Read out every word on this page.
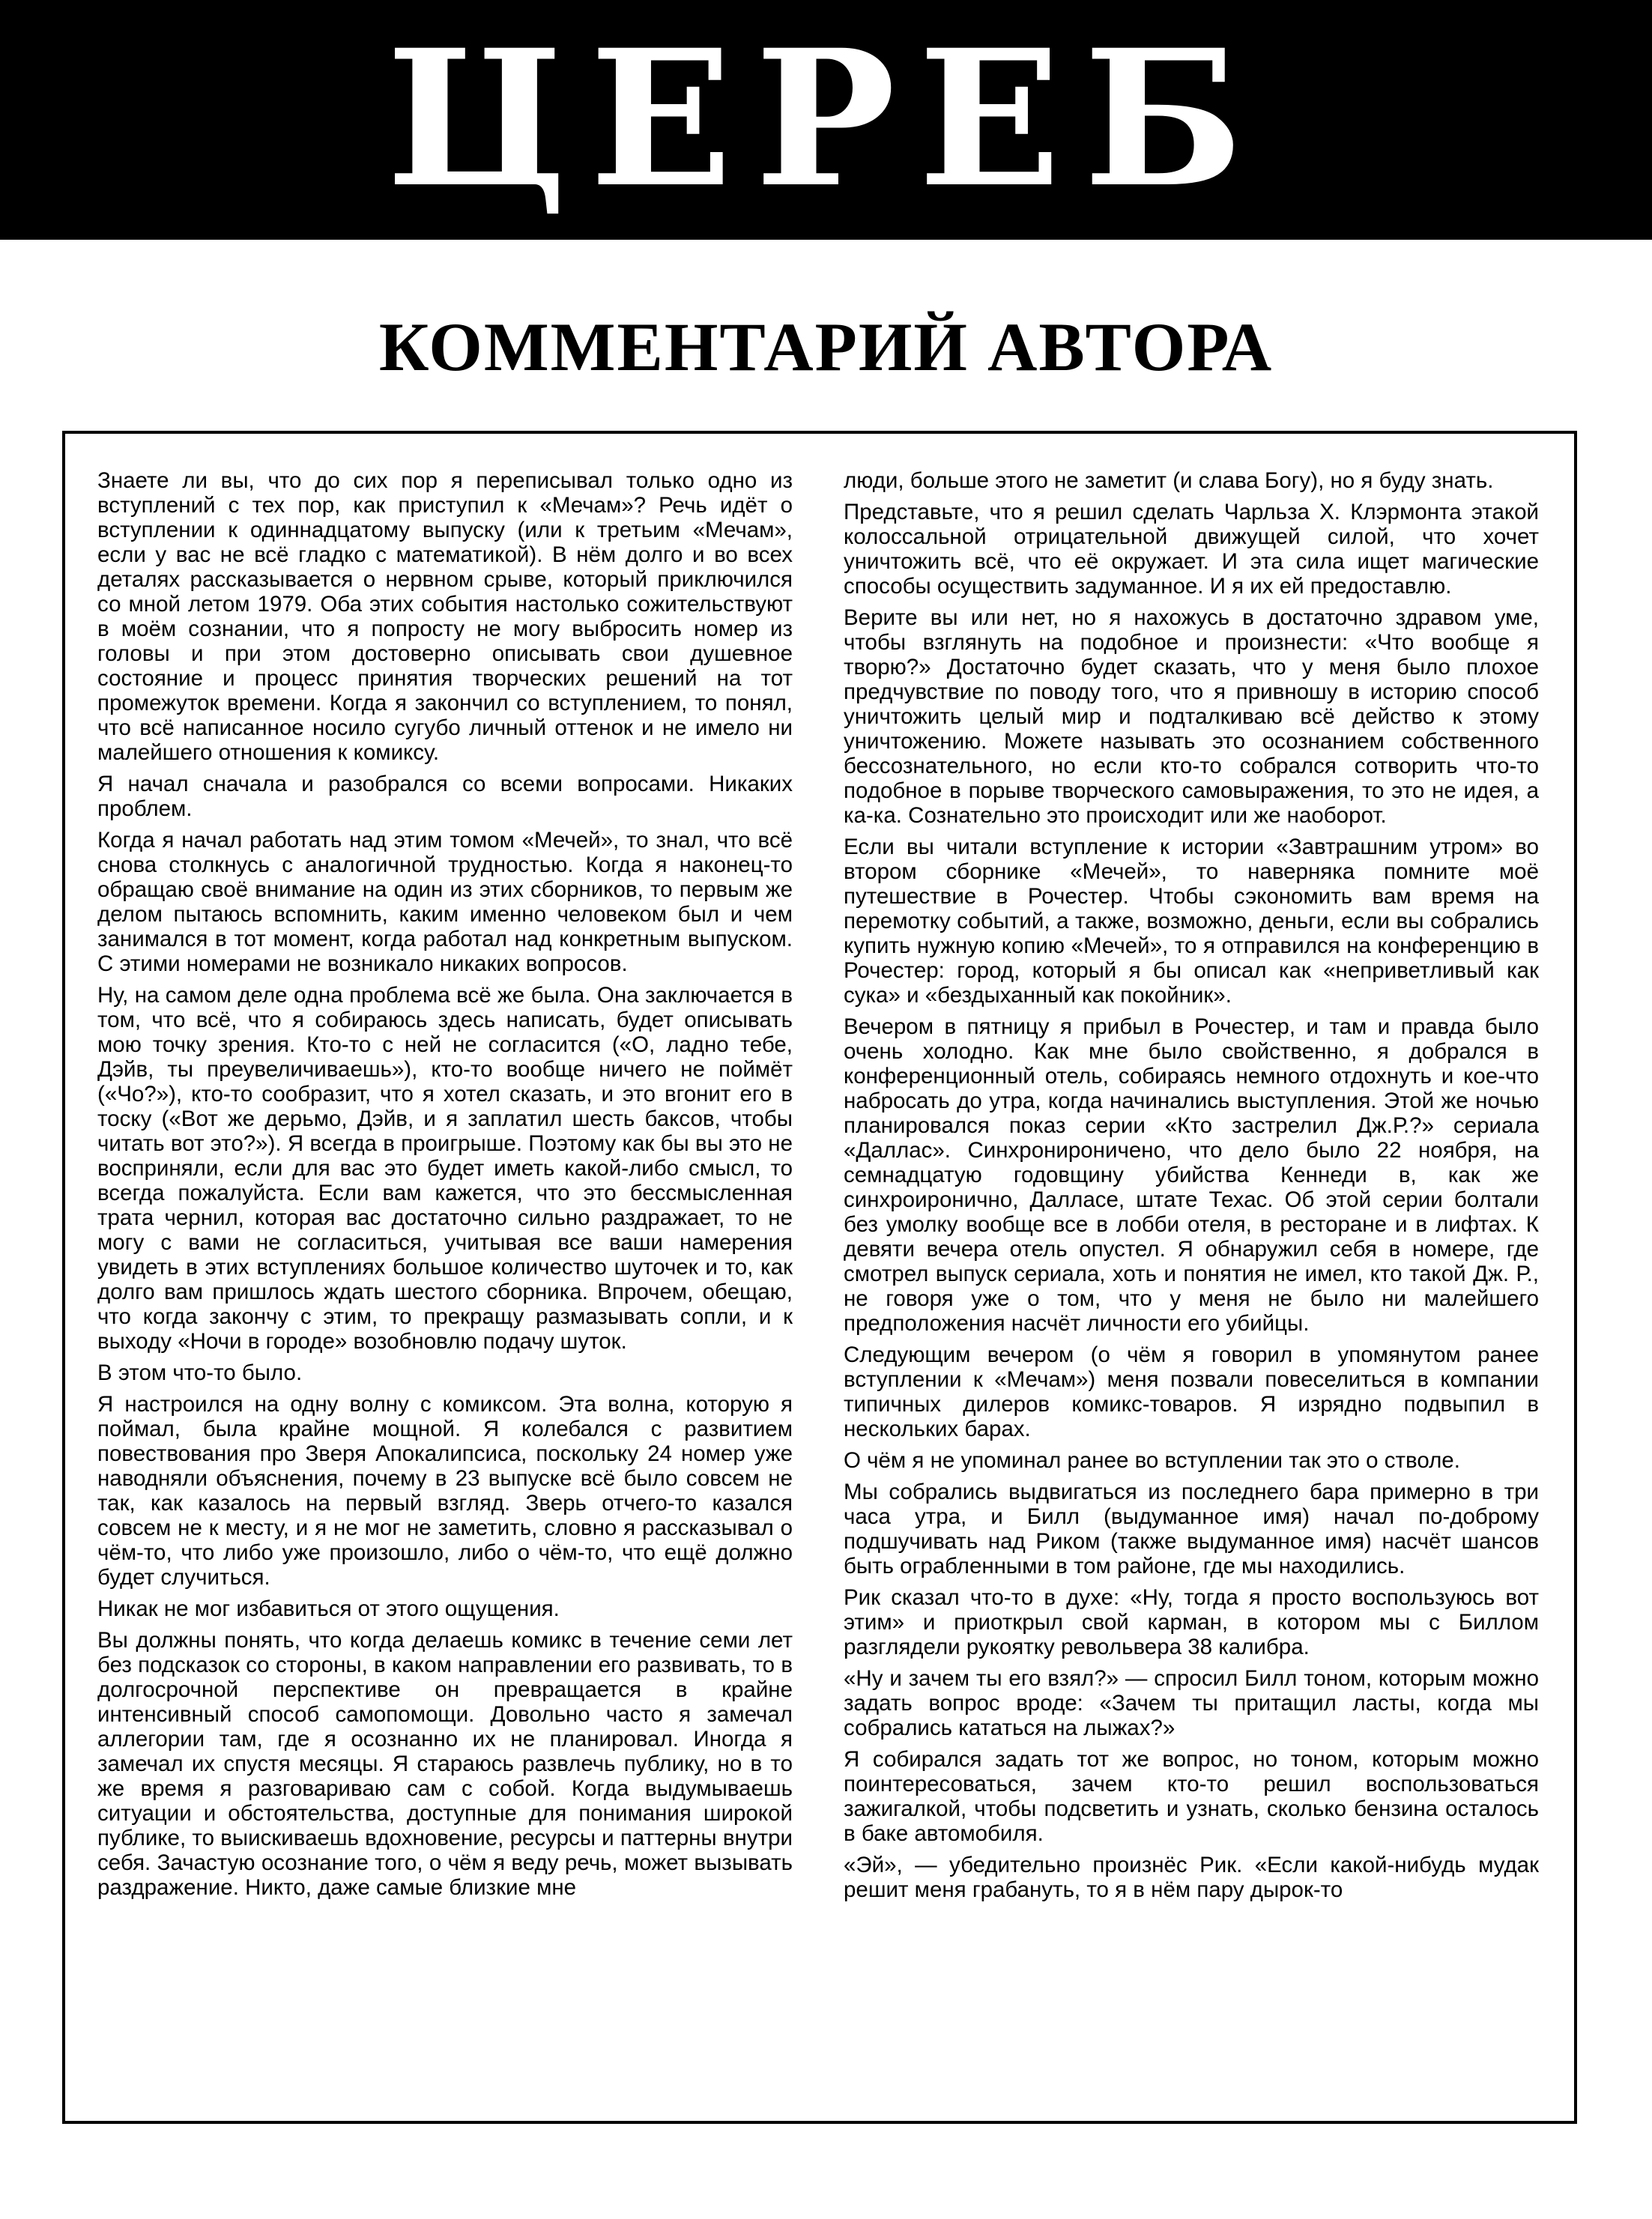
ЦЕРЕБ
КОММЕНТАРИЙ АВТОРА

Знаете ли вы, что до сих пор я переписывал только одно из вступлений с тех пор, как приступил к «Мечам»? Речь идёт о вступлении к одиннадцатому выпуску (или к третьим «Мечам», если у вас не всё гладко с математикой). В нём долго и во всех деталях рассказывается о нервном срыве, который приключился со мной летом 1979. Оба этих события настолько сожительствуют в моём сознании, что я попросту не могу выбросить номер из головы и при этом достоверно описывать свои душевное состояние и процесс принятия творческих решений на тот промежуток времени. Когда я закончил со вступлением, то понял, что всё написанное носило сугубо личный оттенок и не имело ни малейшего отношения к комиксу.

Я начал сначала и разобрался со всеми вопросами. Никаких проблем.

Когда я начал работать над этим томом «Мечей», то знал, что всё снова столкнусь с аналогичной трудностью. Когда я наконец-то обращаю своё внимание на один из этих сборников, то первым же делом пытаюсь вспомнить, каким именно человеком был и чем занимался в тот момент, когда работал над конкретным выпуском. С этими номерами не возникало никаких вопросов.

Ну, на самом деле одна проблема всё же была. Она заключается в том, что всё, что я собираюсь здесь написать, будет описывать мою точку зрения. Кто-то с ней не согласится («О, ладно тебе, Дэйв, ты преувеличиваешь»), кто-то вообще ничего не поймёт («Чо?»), кто-то сообразит, что я хотел сказать, и это вгонит его в тоску («Вот же дерьмо, Дэйв, и я заплатил шесть баксов, чтобы читать вот это?»). Я всегда в проигрыше. Поэтому как бы вы это не восприняли, если для вас это будет иметь какой-либо смысл, то всегда пожалуйста. Если вам кажется, что это бессмысленная трата чернил, которая вас достаточно сильно раздражает, то не могу с вами не согласиться, учитывая все ваши намерения увидеть в этих вступлениях большое количество шуточек и то, как долго вам пришлось ждать шестого сборника. Впрочем, обещаю, что когда закончу с этим, то прекращу размазывать сопли, и к выходу «Ночи в городе» возобновлю подачу шуток.

В этом что-то было.

Я настроился на одну волну с комиксом. Эта волна, которую я поймал, была крайне мощной. Я колебался с развитием повествования про Зверя Апокалипсиса, поскольку 24 номер уже наводняли объяснения, почему в 23 выпуске всё было совсем не так, как казалось на первый взгляд. Зверь отчего-то казался совсем не к месту, и я не мог не заметить, словно я рассказывал о чём-то, что либо уже произошло, либо о чём-то, что ещё должно будет случиться.

Никак не мог избавиться от этого ощущения.

Вы должны понять, что когда делаешь комикс в течение семи лет без подсказок со стороны, в каком направлении его развивать, то в долгосрочной перспективе он превращается в крайне интенсивный способ самопомощи. Довольно часто я замечал аллегории там, где я осознанно их не планировал. Иногда я замечал их спустя месяцы. Я стараюсь развлечь публику, но в то же время я разговариваю сам с собой. Когда выдумываешь ситуации и обстоятельства, доступные для понимания широкой публике, то выискиваешь вдохновение, ресурсы и паттерны внутри себя. Зачастую осознание того, о чём я веду речь, может вызывать раздражение. Никто, даже самые близкие мне

люди, больше этого не заметит (и слава Богу), но я буду знать.

Представьте, что я решил сделать Чарльза Х. Клэрмонта этакой колоссальной отрицательной движущей силой, что хочет уничтожить всё, что её окружает. И эта сила ищет магические способы осуществить задуманное. И я их ей предоставлю.

Верите вы или нет, но я нахожусь в достаточно здравом уме, чтобы взглянуть на подобное и произнести: «Что вообще я творю?» Достаточно будет сказать, что у меня было плохое предчувствие по поводу того, что я привношу в историю способ уничтожить целый мир и подталкиваю всё действо к этому уничтожению. Можете называть это осознанием собственного бессознательного, но если кто-то собрался сотворить что-то подобное в порыве творческого самовыражения, то это не идея, а ка-ка. Сознательно это происходит или же наоборот.

Если вы читали вступление к истории «Завтрашним утром» во втором сборнике «Мечей», то наверняка помните моё путешествие в Рочестер. Чтобы сэкономить вам время на перемотку событий, а также, возможно, деньги, если вы собрались купить нужную копию «Мечей», то я отправился на конференцию в Рочестер: город, который я бы описал как «неприветливый как сука» и «бездыханный как покойник».

Вечером в пятницу я прибыл в Рочестер, и там и правда было очень холодно. Как мне было свойственно, я добрался в конференционный отель, собираясь немного отдохнуть и кое-что набросать до утра, когда начинались выступления. Этой же ночью планировался показ серии «Кто застрелил Дж.Р.?» сериала «Даллас». Синхронироничено, что дело было 22 ноября, на семнадцатую годовщину убийства Кеннеди в, как же синхроиронично, Далласе, штате Техас. Об этой серии болтали без умолку вообще все в лобби отеля, в ресторане и в лифтах. К девяти вечера отель опустел. Я обнаружил себя в номере, где смотрел выпуск сериала, хоть и понятия не имел, кто такой Дж. Р., не говоря уже о том, что у меня не было ни малейшего предположения насчёт личности его убийцы.

Следующим вечером (о чём я говорил в упомянутом ранее вступлении к «Мечам») меня позвали повеселиться в компании типичных дилеров комикс-товаров. Я изрядно подвыпил в нескольких барах.

О чём я не упоминал ранее во вступлении так это о стволе.

Мы собрались выдвигаться из последнего бара примерно в три часа утра, и Билл (выдуманное имя) начал по-доброму подшучивать над Риком (также выдуманное имя) насчёт шансов быть ограбленными в том районе, где мы находились.

Рик сказал что-то в духе: «Ну, тогда я просто воспользуюсь вот этим» и приоткрыл свой карман, в котором мы с Биллом разглядели рукоятку револьвера 38 калибра.

«Ну и зачем ты его взял?» — спросил Билл тоном, которым можно задать вопрос вроде: «Зачем ты притащил ласты, когда мы собрались кататься на лыжах?»

Я собирался задать тот же вопрос, но тоном, которым можно поинтересоваться, зачем кто-то решил воспользоваться зажигалкой, чтобы подсветить и узнать, сколько бензина осталось в баке автомобиля.

«Эй», — убедительно произнёс Рик. «Если какой-нибудь мудак решит меня грабануть, то я в нём пару дырок-то
